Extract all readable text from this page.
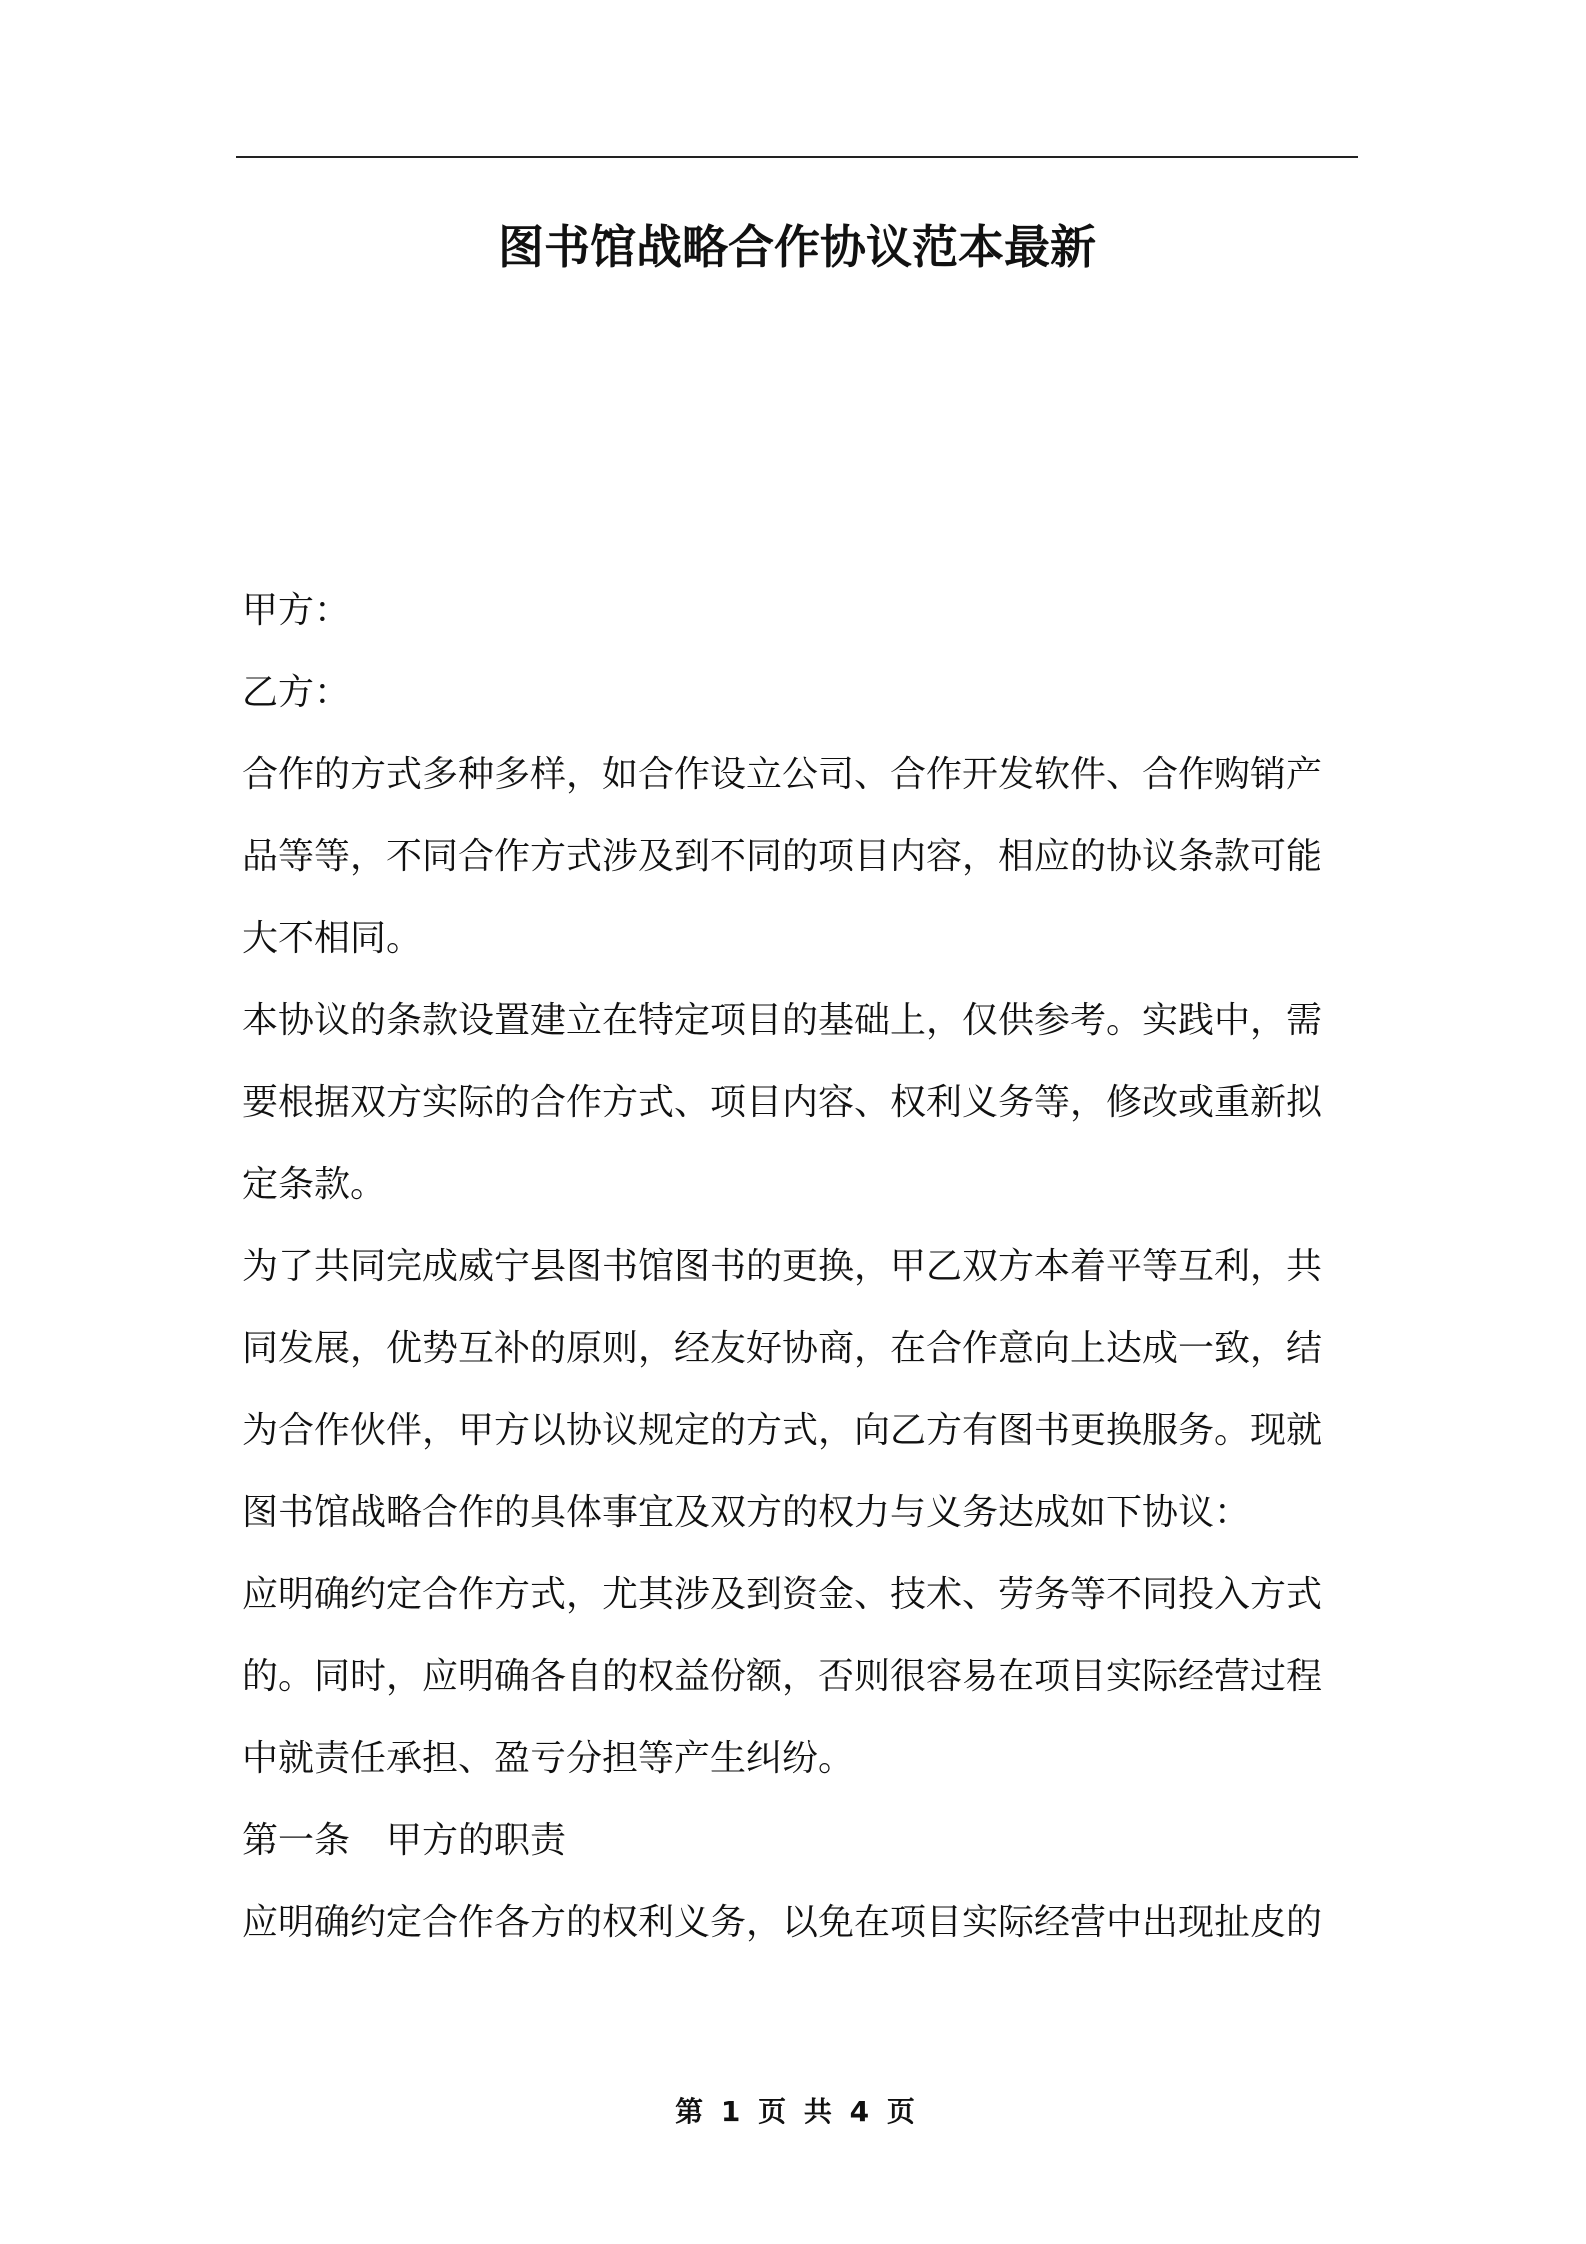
图书馆战略合作协议范本最新

甲方：

乙方：

合作的方式多种多样，如合作设立公司、合作开发软件、合作购销产品等等，不同合作方式涉及到不同的项目内容，相应的协议条款可能大不相同。

本协议的条款设置建立在特定项目的基础上，仅供参考。实践中，需要根据双方实际的合作方式、项目内容、权利义务等，修改或重新拟定条款。

为了共同完成威宁县图书馆图书的更换，甲乙双方本着平等互利，共同发展，优势互补的原则，经友好协商，在合作意向上达成一致，结为合作伙伴，甲方以协议规定的方式，向乙方有图书更换服务。现就图书馆战略合作的具体事宜及双方的权力与义务达成如下协议：

应明确约定合作方式，尤其涉及到资金、技术、劳务等不同投入方式的。同时，应明确各自的权益份额，否则很容易在项目实际经营过程中就责任承担、盈亏分担等产生纠纷。

第一条　甲方的职责

应明确约定合作各方的权利义务，以免在项目实际经营中出现扯皮的

第 1 页 共 4 页
